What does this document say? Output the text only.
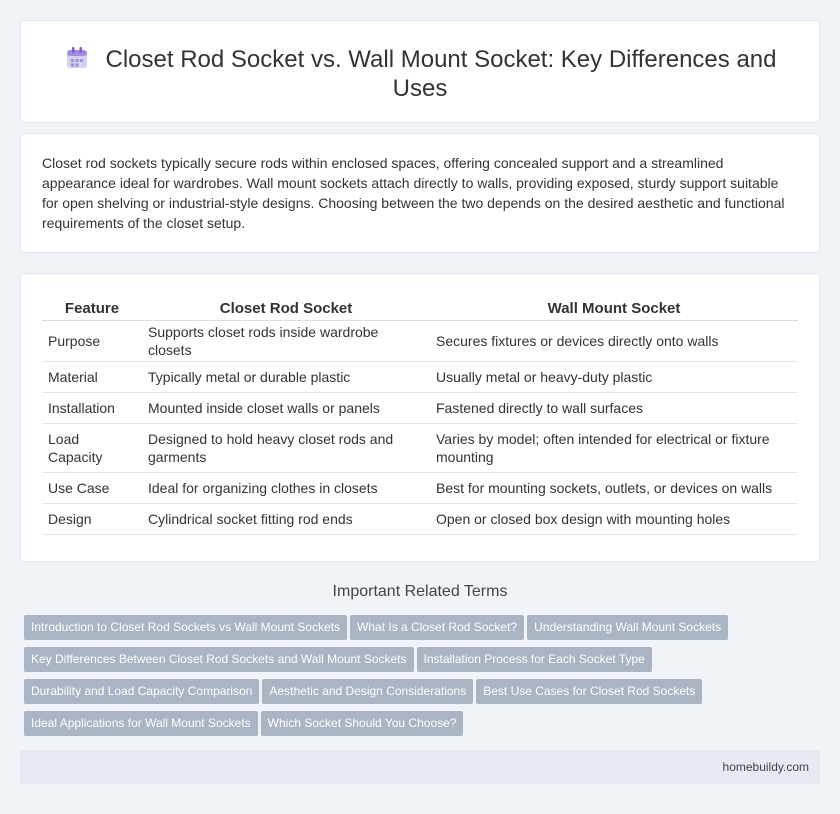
Closet Rod Socket vs. Wall Mount Socket: Key Differences and Uses

Closet rod sockets typically secure rods within enclosed spaces, offering concealed support and a streamlined appearance ideal for wardrobes. Wall mount sockets attach directly to walls, providing exposed, sturdy support suitable for open shelving or industrial-style designs. Choosing between the two depends on the desired aesthetic and functional requirements of the closet setup.

Feature	Closet Rod Socket	Wall Mount Socket
Purpose	Supports closet rods inside wardrobe closets	Secures fixtures or devices directly onto walls
Material	Typically metal or durable plastic	Usually metal or heavy-duty plastic
Installation	Mounted inside closet walls or panels	Fastened directly to wall surfaces
Load Capacity	Designed to hold heavy closet rods and garments	Varies by model; often intended for electrical or fixture mounting
Use Case	Ideal for organizing clothes in closets	Best for mounting sockets, outlets, or devices on walls
Design	Cylindrical socket fitting rod ends	Open or closed box design with mounting holes
Important Related Terms
Introduction to Closet Rod Sockets vs Wall Mount Sockets What Is a Closet Rod Socket? Understanding Wall Mount Sockets
Key Differences Between Closet Rod Sockets and Wall Mount Sockets Installation Process for Each Socket Type
Durability and Load Capacity Comparison Aesthetic and Design Considerations Best Use Cases for Closet Rod Sockets
Ideal Applications for Wall Mount Sockets Which Socket Should You Choose?
homebuildy.com
